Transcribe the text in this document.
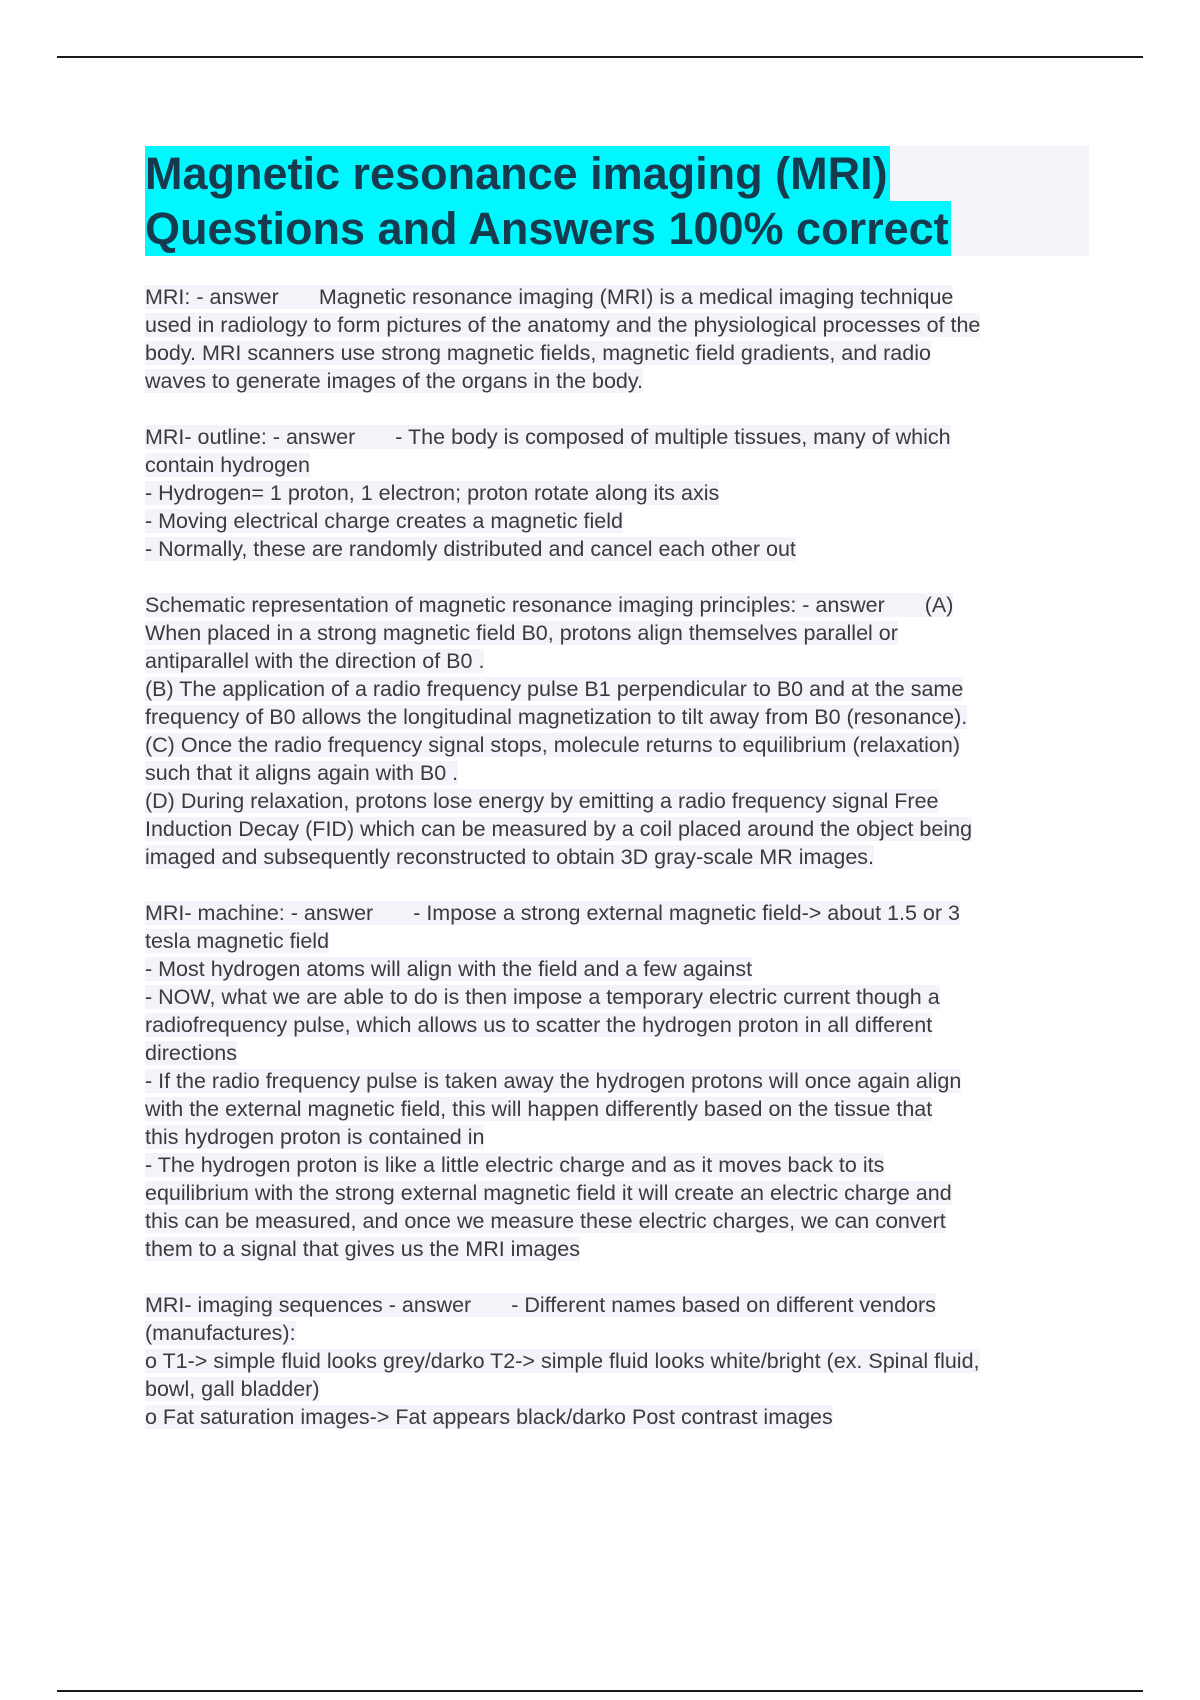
Magnetic resonance imaging (MRI)
Questions and Answers 100% correct
MRI: - answer Magnetic resonance imaging (MRI) is a medical imaging technique
used in radiology to form pictures of the anatomy and the physiological processes of the
body. MRI scanners use strong magnetic fields, magnetic field gradients, and radio
waves to generate images of the organs in the body.
MRI- outline: - answer - The body is composed of multiple tissues, many of which
contain hydrogen
- Hydrogen= 1 proton, 1 electron; proton rotate along its axis
- Moving electrical charge creates a magnetic field
- Normally, these are randomly distributed and cancel each other out
Schematic representation of magnetic resonance imaging principles: - answer (A)
When placed in a strong magnetic field B0, protons align themselves parallel or
antiparallel with the direction of B0 .
(B) The application of a radio frequency pulse B1 perpendicular to B0 and at the same
frequency of B0 allows the longitudinal magnetization to tilt away from B0 (resonance).
(C) Once the radio frequency signal stops, molecule returns to equilibrium (relaxation)
such that it aligns again with B0 .
(D) During relaxation, protons lose energy by emitting a radio frequency signal Free
Induction Decay (FID) which can be measured by a coil placed around the object being
imaged and subsequently reconstructed to obtain 3D gray-scale MR images.
MRI- machine: - answer - Impose a strong external magnetic field-> about 1.5 or 3
tesla magnetic field
- Most hydrogen atoms will align with the field and a few against
- NOW, what we are able to do is then impose a temporary electric current though a
radiofrequency pulse, which allows us to scatter the hydrogen proton in all different
directions
- If the radio frequency pulse is taken away the hydrogen protons will once again align
with the external magnetic field, this will happen differently based on the tissue that
this hydrogen proton is contained in
- The hydrogen proton is like a little electric charge and as it moves back to its
equilibrium with the strong external magnetic field it will create an electric charge and
this can be measured, and once we measure these electric charges, we can convert
them to a signal that gives us the MRI images
MRI- imaging sequences - answer - Different names based on different vendors
(manufactures):
o T1-> simple fluid looks grey/darko T2-> simple fluid looks white/bright (ex. Spinal fluid,
bowl, gall bladder)
o Fat saturation images-> Fat appears black/darko Post contrast images
